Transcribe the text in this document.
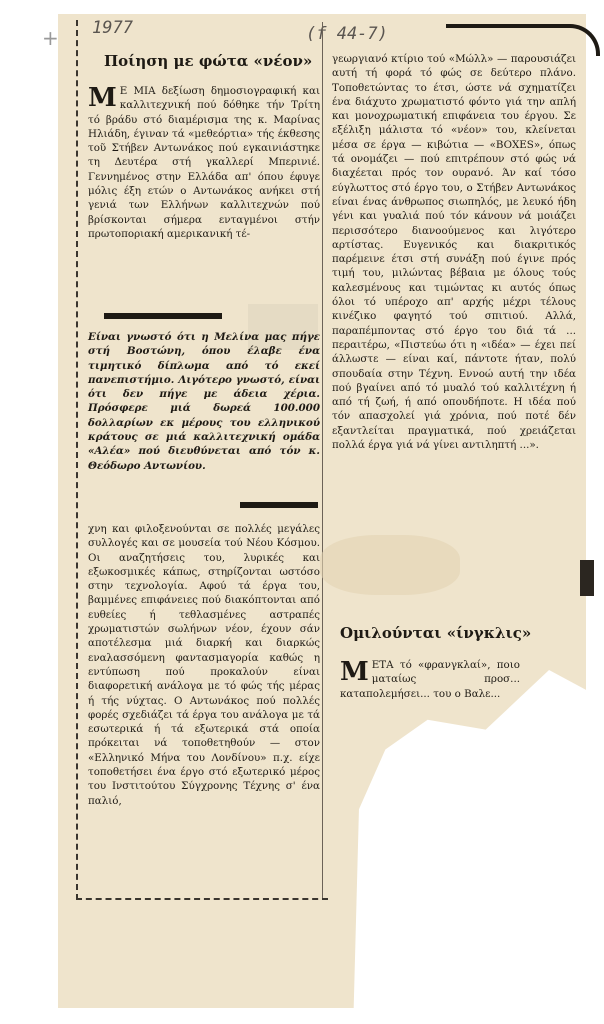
+ 1977	(f 44-7)
Ποίηση με φώτα «νέον»
Μ Ε ΜΙΑ δεξίωση δημοσιογραφική και καλλιτεχνική πού δόθηκε τήν Τρίτη τό βράδυ στό διαμέρισμα της κ. Μαρίνας Ηλιάδη, έγιναν τά «μεθεόρτια» τής έκθεσης τοῦ Στήβεν Αντωνάκος πού εγκαινιάστηκε τη Δευτέρα στή γκαλλερί Μπερινιέ. Γεννημένος στην Ελλάδα απ' όπου έφυγε μόλις έξη ετών ο Αντωνάκος ανήκει στή γενιά των Ελλήνων καλλιτεχνών πού βρίσκονται σήμερα ενταγμένοι στήν πρωτοποριακή αμερικανική τέ-

Είναι γνωστό ότι η Μελίνα μας πήγε στή Βοστώνη, όπου έλαβε ένα τιμητικό δίπλωμα από τό εκεί πανεπιστήμιο. Λιγότερο γνωστό, είναι ότι δεν πήγε με άδεια χέρια. Πρόσφερε μιά δωρεά 100.000 δολλαρίων εκ μέρους του ελληνικού κράτους σε μιά καλλιτεχνική ομάδα «Αλέα» πού διευθύνεται από τόν κ. Θεόδωρο Αντωνίου.
χνη και φιλοξενούνται σε πολλές μεγάλες συλλογές και σε μουσεία τού Νέου Κόσμου. Οι αναζητήσεις του, λυρικές και εξωκοσμικές κάπως, στηρίζονται ωστόσο στην τεχνολογία. Αφού τά έργα του, βαμμένες επιφάνειες πού διακόπτονται από ευθείες ή τεθλασμένες αστραπές χρωματιστών σωλήνων νέον, έχουν σάν αποτέλεσμα μιά διαρκή και διαρκώς εναλασσόμενη φαντασμαγορία καθώς η εντύπωση πού προκαλούν είναι διαφορετική ανάλογα με τό φώς τής μέρας ή τής νύχτας. Ο Αντωνάκος πού πολλές φορές σχεδιάζει τά έργα του ανάλογα με τά εσωτερικά ή τά εξωτερικά στά οποία πρόκειται νά τοποθετηθούν — στον «Ελληνικό Μήνα του Λονδίνου» π.χ. είχε τοποθετήσει ένα έργο στό εξωτερικό μέρος του Ινστιτούτου Σύγχρονης Τέχνης σ' ένα παλιό,
γεωργιανό κτίριο τού «Μώλλ» — παρουσιάζει αυτή τή φορά τό φώς σε δεύτερο πλάνο. Τοποθετώντας το έτσι, ώστε νά σχηματίζει ένα διάχυτο χρωματιστό φόντο γιά την απλή και μονοχρωματική επιφάνεια του έργου. Σε εξέλιξη μάλιστα τό «νέον» του, κλείνεται μέσα σε έργα — κιβώτια — «BOXES», όπως τά ονομάζει — πού επιτρέπουν στό φώς νά διαχέεται πρός τον ουρανό. Άν καί τόσο εύγλωττος στό έργο του, ο Στήβεν Αντωνάκος είναι ένας άνθρωπος σιωπηλός, με λευκό ήδη γένι και γυαλιά πού τόν κάνουν νά μοιάζει περισσότερο διανοούμενος και λιγότερο αρτίστας. Ευγενικός και διακριτικός παρέμεινε έτσι στή συνάξη πού έγινε πρός τιμή του, μιλώντας βέβαια με όλους τούς καλεσμένους και τιμώντας κι αυτός όπως όλοι τό υπέροχο απ' αρχής μέχρι τέλους κινέζικο φαγητό τού σπιτιού. Αλλά, παραπέμποντας στό έργο του διά τά ... περαιτέρω, «Πιστεύω ότι η «ιδέα» — έχει πεί άλλωστε — είναι καί, πάντοτε ήταν, πολύ σπουδαία στην Τέχνη. Εννοώ αυτή την ιδέα πού βγαίνει από τό μυαλό τού καλλιτέχνη ή από τή ζωή, ή από οπουδήποτε. Η ιδέα πού τόν απασχολεί γιά χρόνια, πού ποτέ δέν εξαντλείται πραγματικά, πού χρειάζεται πολλά έργα γιά νά γίνει αντιληπτή ...».
Ομιλούνται «ίνγκλις»
Μ ΕΤΑ τό «φρανγκλαί», ποιο ματαίως προσ... καταπολεμήσει... του ο Βαλε...
